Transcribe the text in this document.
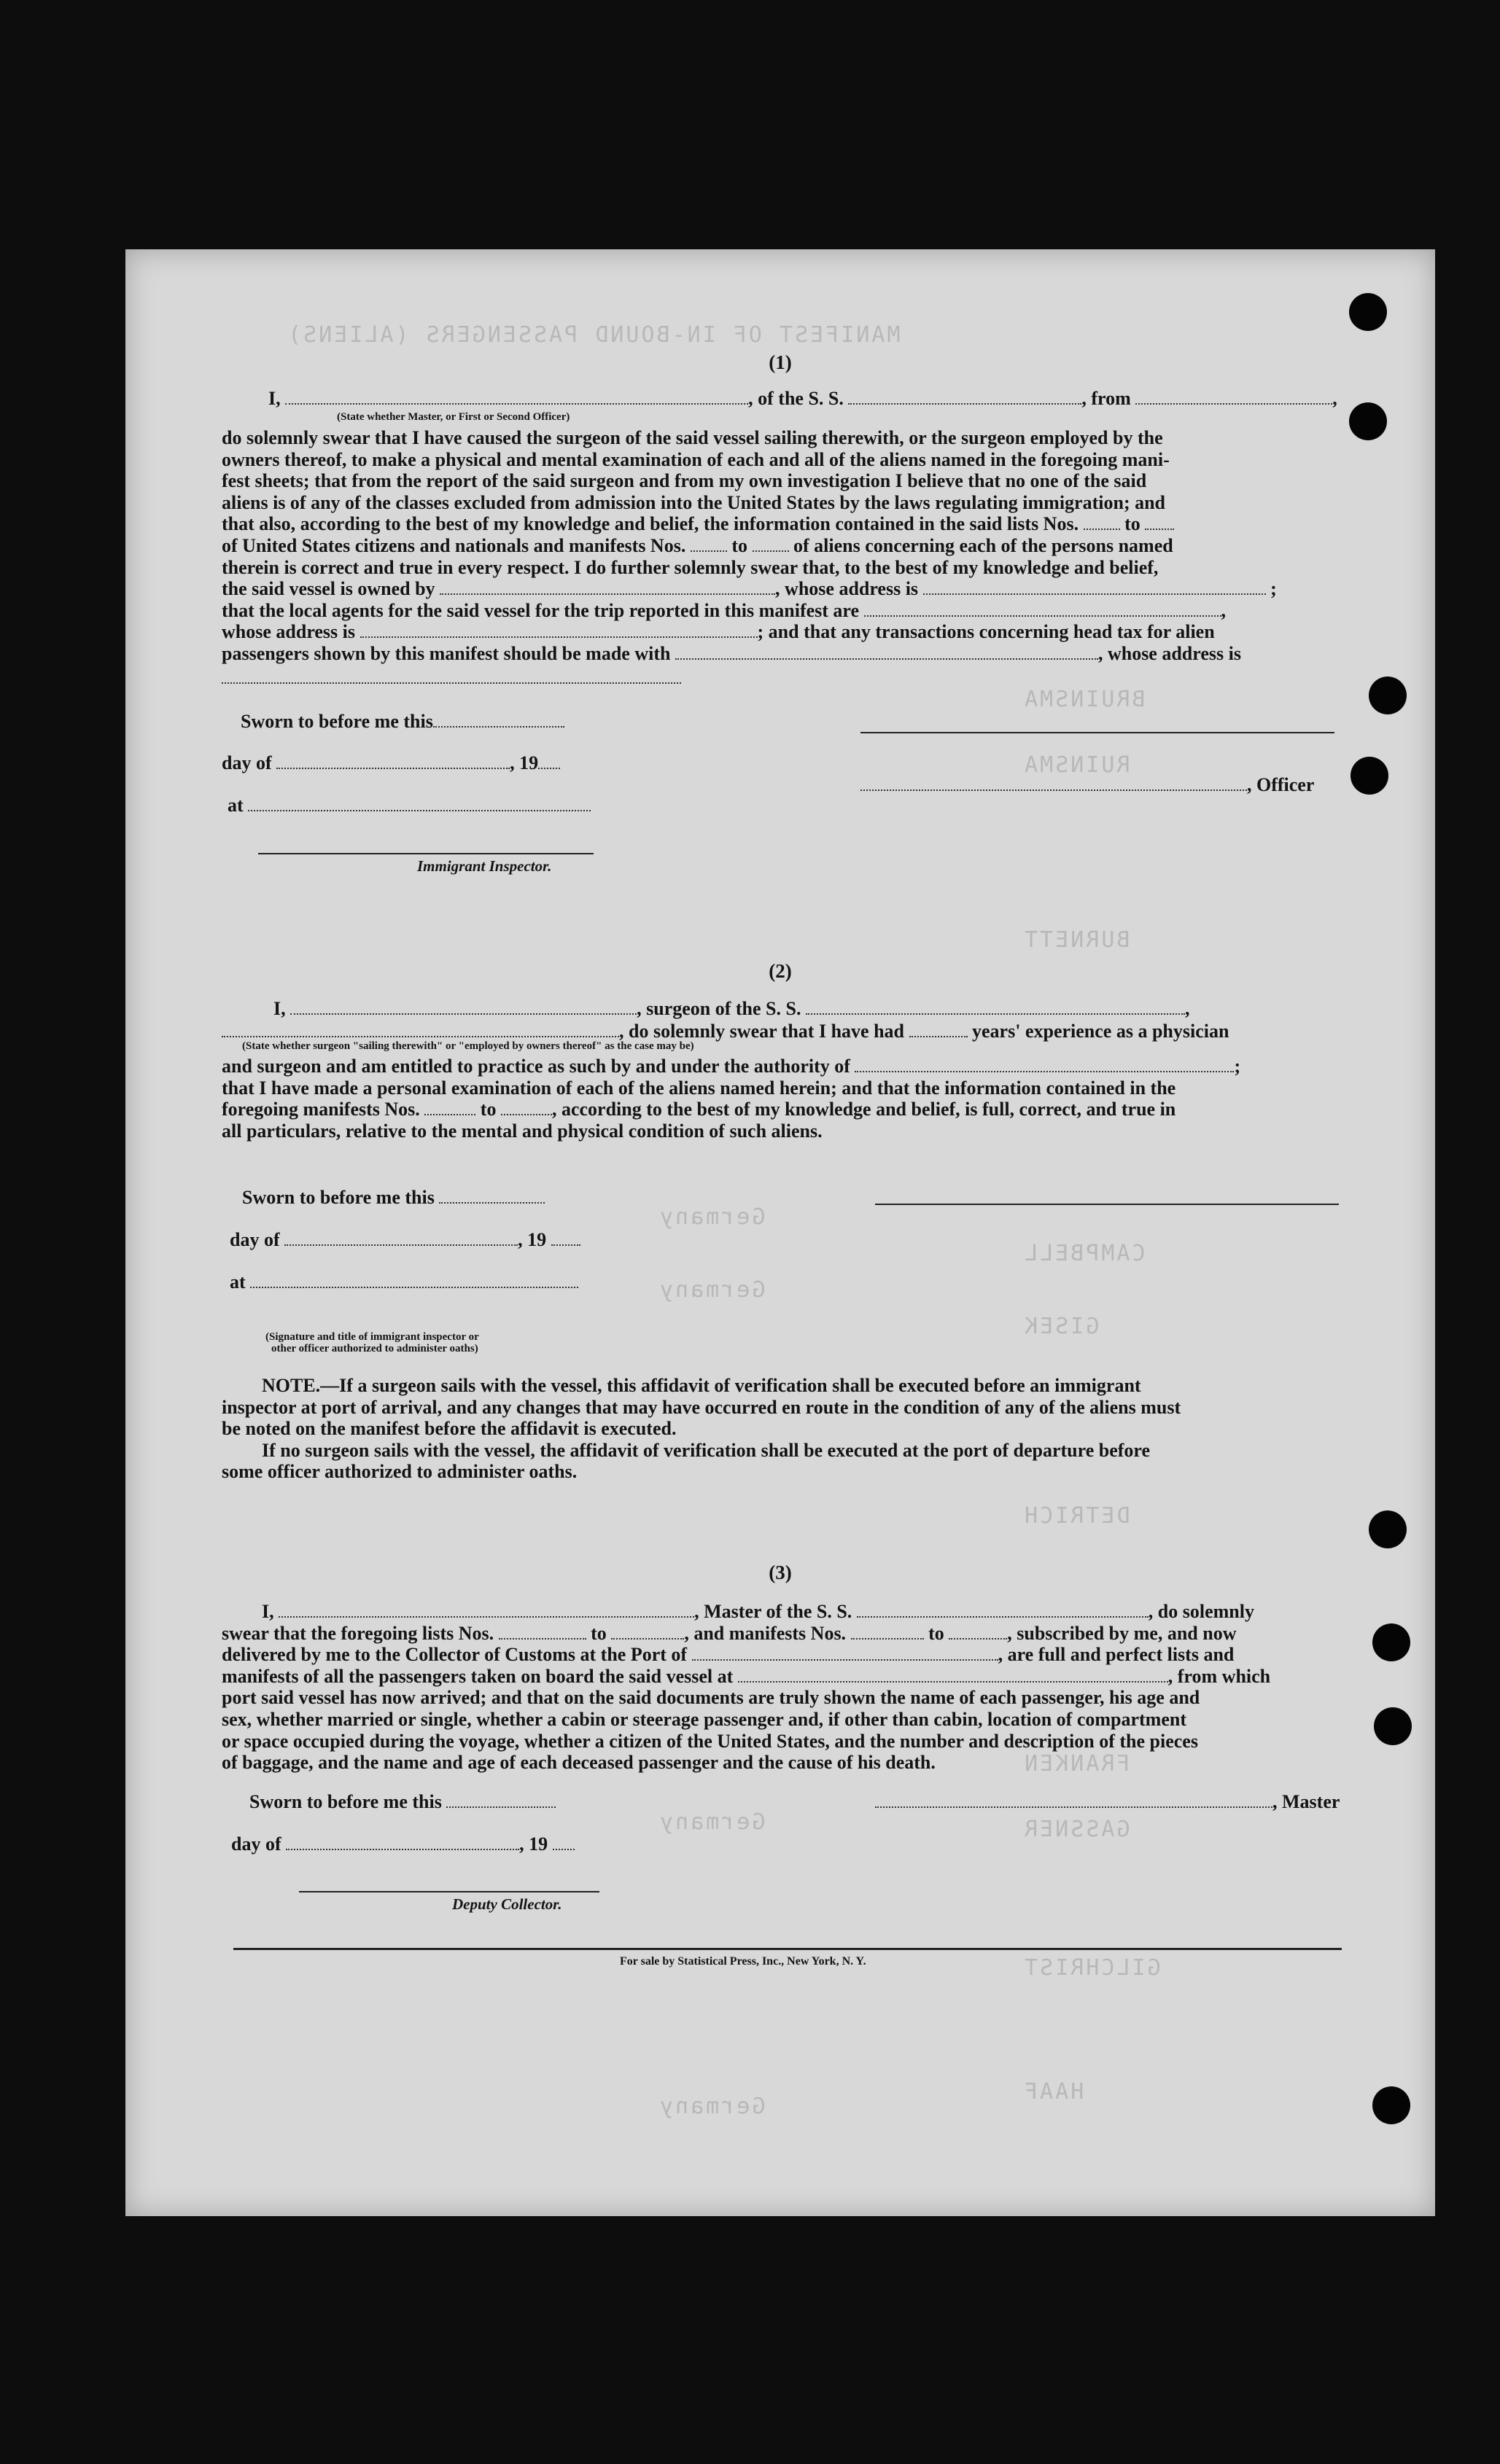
MANIFEST OF IN-BOUND PASSENGERS (ALIENS)
BRUINSMA
RUINSMA
BURNETT
CAMPBELL
GISEK
DETRICH
FRANKEN
GASSNER
GILCHRIST
HAAF
Germany
Germany
Germany
Germany
(1)
I,	, of the S. S.	, from	,
(State whether Master, or First or Second Officer)
do solemnly swear that I have caused the surgeon of the said vessel sailing therewith, or the surgeon employed by the
owners thereof, to make a physical and mental examination of each and all of the aliens named in the foregoing mani-
fest sheets; that from the report of the said surgeon and from my own investigation I believe that no one of the said
aliens is of any of the classes excluded from admission into the United States by the laws regulating immigration; and
that also, according to the best of my knowledge and belief, the information contained in the said lists Nos. to
of United States citizens and nationals and manifests Nos. to of aliens concerning each of the persons named
therein is correct and true in every respect. I do further solemnly swear that, to the best of my knowledge and belief,
the said vessel is owned by	, whose address is	;
that the local agents for the said vessel for the trip reported in this manifest are	,
whose address is	; and that any transactions concerning head tax for alien
passengers shown by this manifest should be made with	, whose address is
Sworn to before me this
day of	, 19
at
Immigrant Inspector.
, Officer
(2)
I,	, surgeon of the S. S.	,
, do solemnly swear that I have had	years' experience as a physician
(State whether surgeon "sailing therewith" or "employed by owners thereof" as the case may be)
and surgeon and am entitled to practice as such by and under the authority of	;
that I have made a personal examination of each of the aliens named herein; and that the information contained in the
foregoing manifests Nos.	to	, according to the best of my knowledge and belief, is full, correct, and true in
all particulars, relative to the mental and physical condition of such aliens.
Sworn to before me this
day of	, 19
at
(Signature and title of immigrant inspector or
other officer authorized to administer oaths)
NOTE.—If a surgeon sails with the vessel, this affidavit of verification shall be executed before an immigrant
inspector at port of arrival, and any changes that may have occurred en route in the condition of any of the aliens must
be noted on the manifest before the affidavit is executed.
If no surgeon sails with the vessel, the affidavit of verification shall be executed at the port of departure before
some officer authorized to administer oaths.
(3)
I,	, Master of the S. S.	, do solemnly
swear that the foregoing lists Nos.	to	, and manifests Nos.	to	, subscribed by me, and now
delivered by me to the Collector of Customs at the Port of	, are full and perfect lists and
manifests of all the passengers taken on board the said vessel at	, from which
port said vessel has now arrived; and that on the said documents are truly shown the name of each passenger, his age and
sex, whether married or single, whether a cabin or steerage passenger and, if other than cabin, location of compartment
or space occupied during the voyage, whether a citizen of the United States, and the number and description of the pieces
of baggage, and the name and age of each deceased passenger and the cause of his death.
Sworn to before me this
day of	, 19
Deputy Collector.
, Master
For sale by Statistical Press, Inc., New York, N. Y.
